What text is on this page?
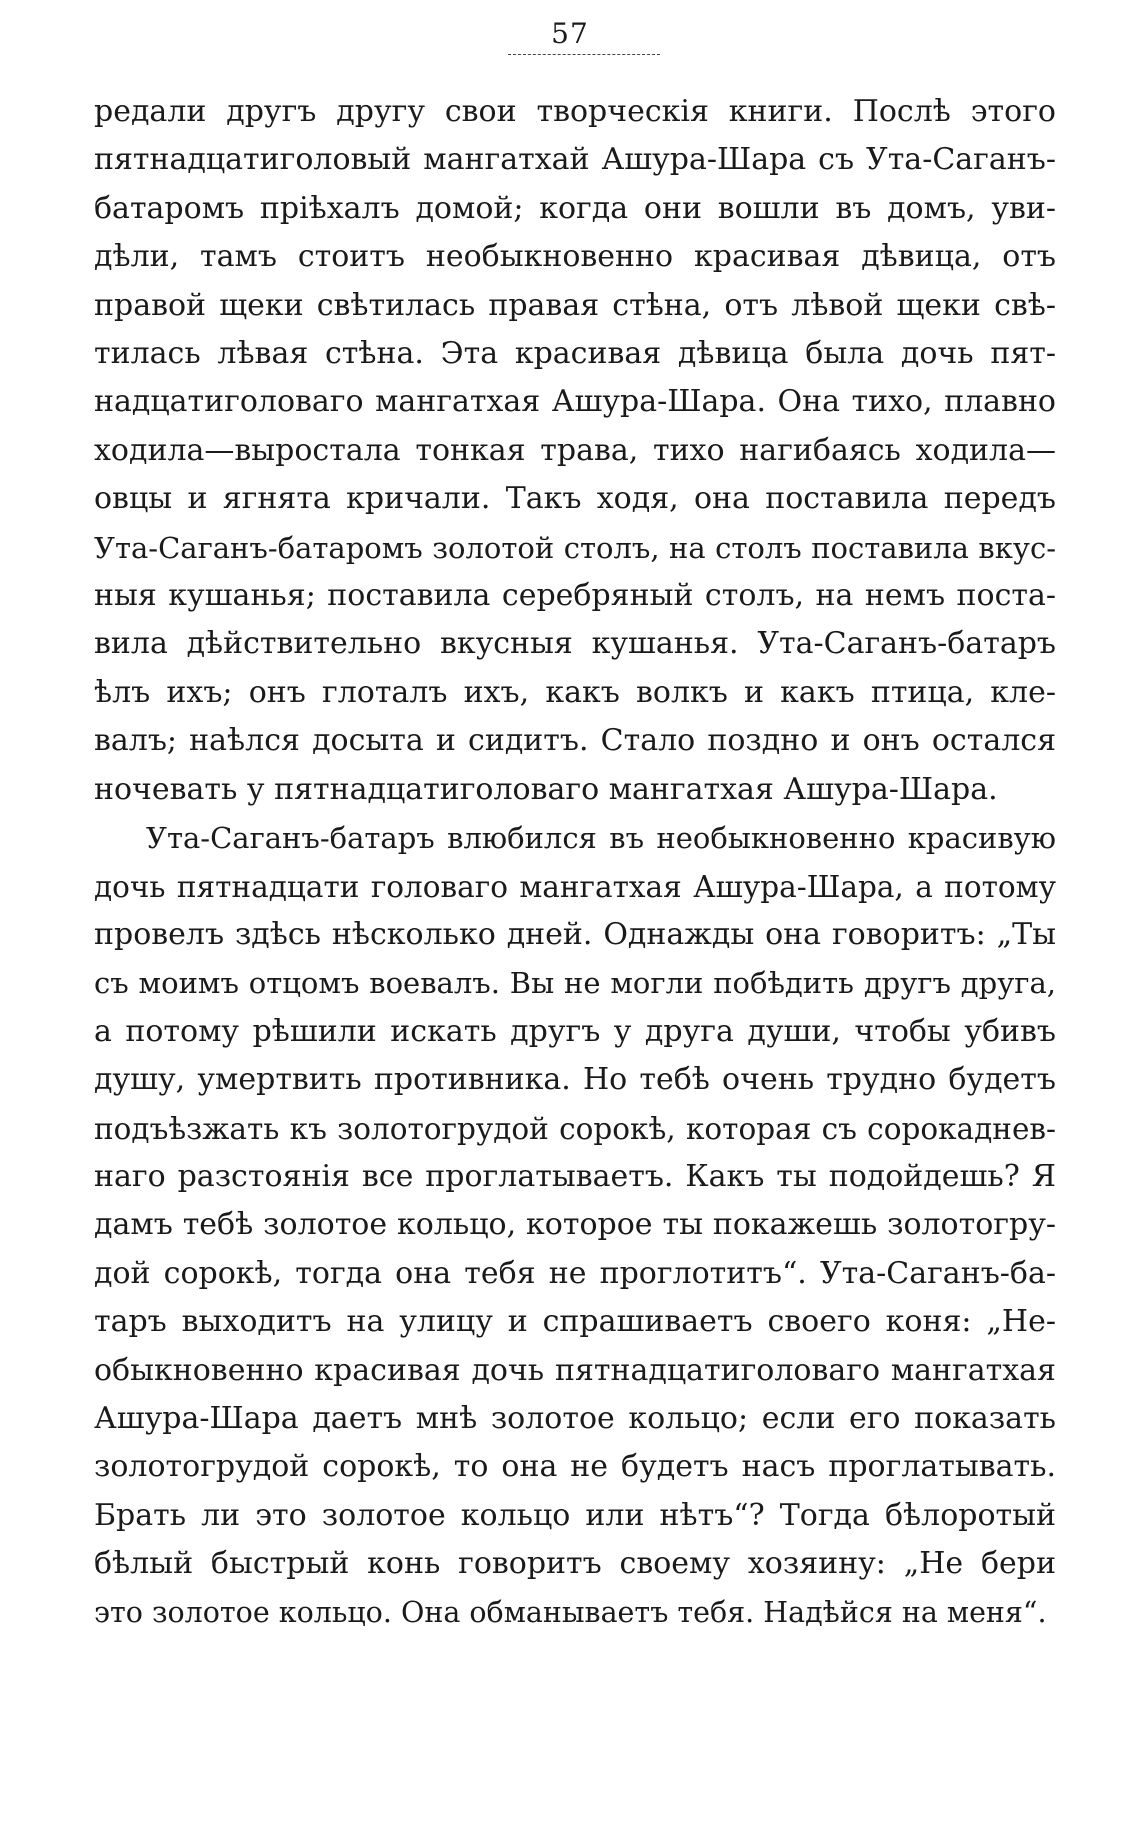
57

редали другъ другу свои творческія книги. Послѣ этого
пятнадцатиголовый мангатхай Ашура-Шара съ Ута-Саганъ-
батаромъ пріѣхалъ домой; когда они вошли въ домъ, уви-
дѣли, тамъ стоитъ необыкновенно красивая дѣвица, отъ
правой щеки свѣтилась правая стѣна, отъ лѣвой щеки свѣ-
тилась лѣвая стѣна. Эта красивая дѣвица была дочь пят-
надцатиголоваго мангатхая Ашура-Шара. Она тихо, плавно
ходила—выростала тонкая трава, тихо нагибаясь ходила—
овцы и ягнята кричали. Такъ ходя, она поставила передъ
Ута-Саганъ-батаромъ золотой столъ, на столъ поставила вкус-
ныя кушанья; поставила серебряный столъ, на немъ поста-
вила дѣйствительно вкусныя кушанья. Ута-Саганъ-батаръ
ѣлъ ихъ; онъ глоталъ ихъ, какъ волкъ и какъ птица, кле-
валъ; наѣлся досыта и сидитъ. Стало поздно и онъ остался
ночевать у пятнадцатиголоваго мангатхая Ашура-Шара.

Ута-Саганъ-батаръ влюбился въ необыкновенно красивую
дочь пятнадцати головаго мангатхая Ашура-Шара, а потому
провелъ здѣсь нѣсколько дней. Однажды она говоритъ: „Ты
съ моимъ отцомъ воевалъ. Вы не могли побѣдить другъ друга,
а потому рѣшили искать другъ у друга души, чтобы убивъ
душу, умертвить противника. Но тебѣ очень трудно будетъ
подъѣзжать къ золотогрудой сорокѣ, которая съ сорокаднев-
наго разстоянія все проглатываетъ. Какъ ты подойдешь? Я
дамъ тебѣ золотое кольцо, которое ты покажешь золотогру-
дой сорокѣ, тогда она тебя не проглотитъ“. Ута-Саганъ-ба-
таръ выходитъ на улицу и спрашиваетъ своего коня: „Не-
обыкновенно красивая дочь пятнадцатиголоваго мангатхая
Ашура-Шара даетъ мнѣ золотое кольцо; если его показать
золотогрудой сорокѣ, то она не будетъ насъ проглатывать.
Брать ли это золотое кольцо или нѣтъ“? Тогда бѣлоротый
бѣлый быстрый конь говоритъ своему хозяину: „Не бери
это золотое кольцо. Она обманываетъ тебя. Надѣйся на меня“.
